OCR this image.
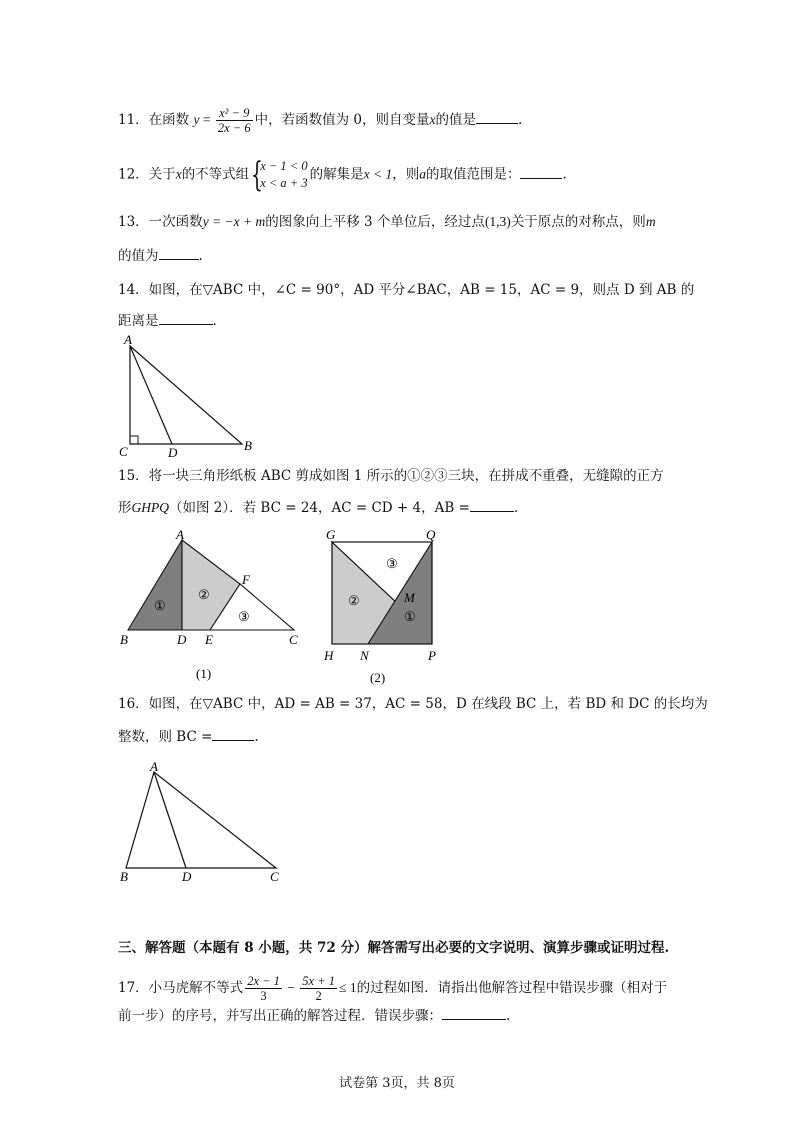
11．在函数 $y = \frac{\text{x² − 9}}{2x - 6}$ 中，若函数值为 0，则自变量x的值是	.
12．关于x的不等式组 {
x − 1 < 0
x < a + 3
的解集是x < 1，则a的取值范围是：	.
13．一次函数y = −x + m的图象向上平移 3 个单位后，经过点(1,3)关于原点的对称点，则m
的值为	.
14．如图，在▽ABC 中，∠C = 90°，AD 平分∠BAC，AB = 15，AC = 9，则点 D 到 AB 的
距离是	.
A
C	D	B
15．将一块三角形纸板 ABC 剪成如图 1 所示的①②③三块，在拼成不重叠，无缝隙的正方
形GHPQ（如图 2）．若 BC = 24，AC = CD + 4，AB =	.
A
F
B	D E	C
①
②
③
(1)
G	Q
H N	P
M
①
②
③
(2)
16．如图，在▽ABC 中，AD = AB = 37，AC = 58，D 在线段 BC 上，若 BD 和 DC 的长均为
整数，则 BC =	.
A
B	D	C
三、解答题（本题有 8 小题，共 72 分）解答需写出必要的文字说明、演算步骤或证明过程.
17．小马虎解不等式 $\frac{2x - 1}{3} - \frac{5x + 1}{2} \le 1$的过程如图．请指出他解答过程中错误步骤（相对于
前一步）的序号，并写出正确的解答过程．错误步骤：	.
试卷第 3页，共 8页
